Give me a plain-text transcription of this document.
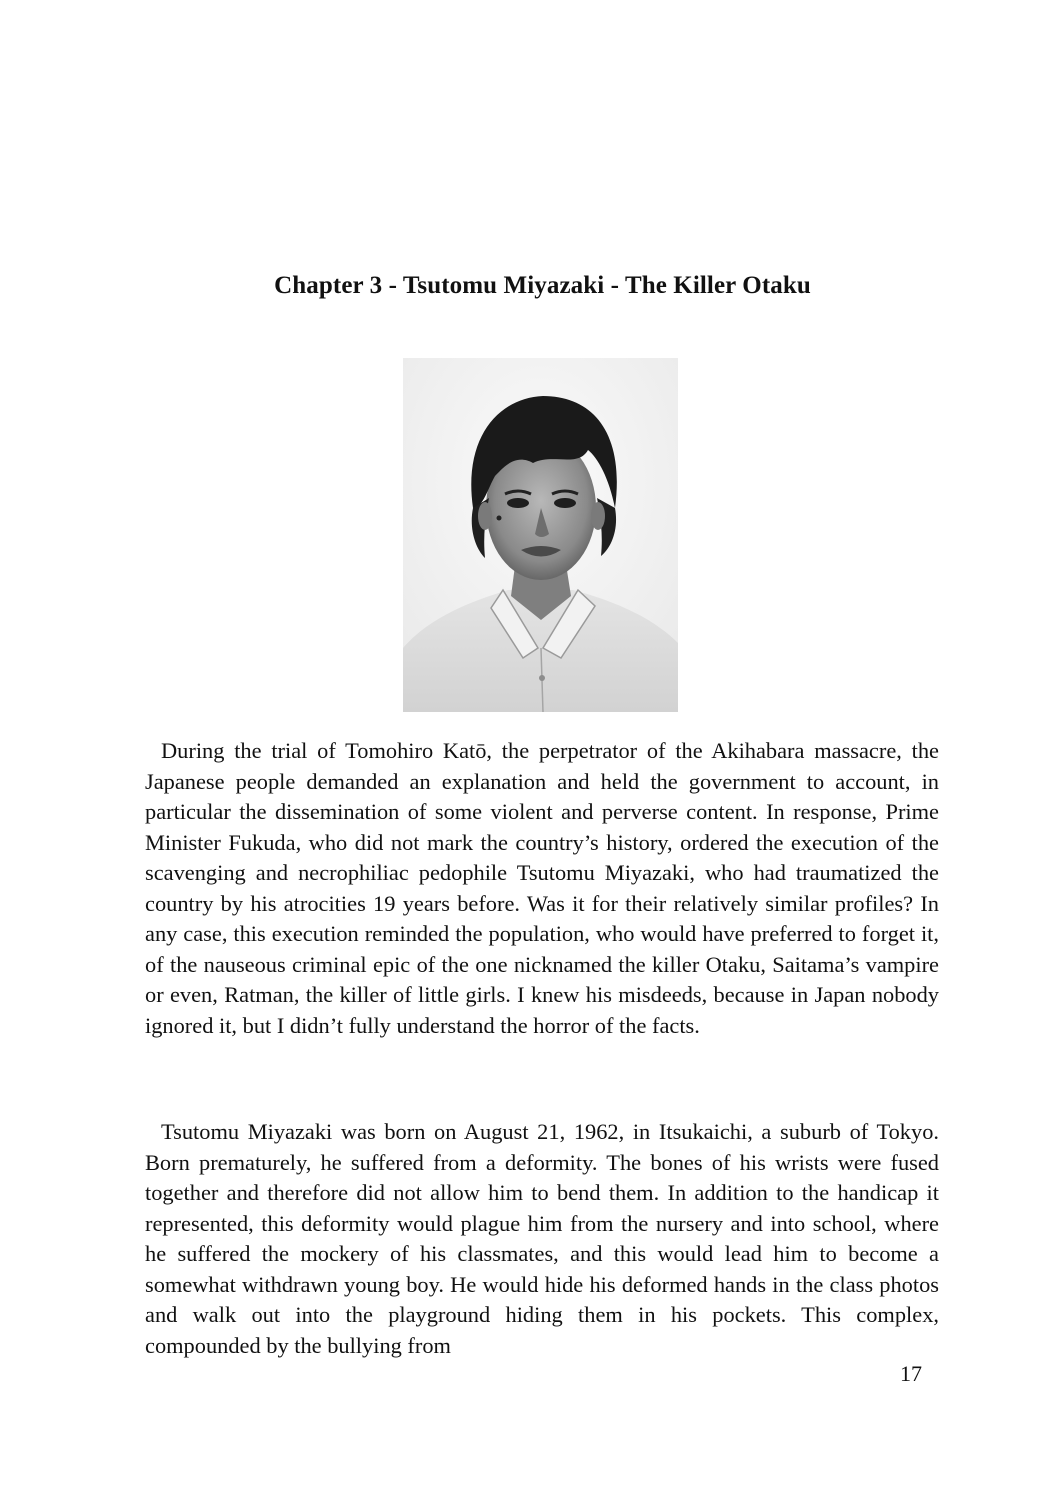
Chapter 3 - Tsutomu Miyazaki - The Killer Otaku

During the trial of Tomohiro Katō, the perpetrator of the Akihabara massacre, the Japanese people demanded an explanation and held the government to account, in particular the dissemination of some violent and perverse content. In response, Prime Minister Fukuda, who did not mark the country’s history, ordered the execution of the scavenging and necrophiliac pedophile Tsutomu Miyazaki, who had traumatized the country by his atrocities 19 years before. Was it for their relatively similar profiles? In any case, this execution reminded the population, who would have preferred to forget it, of the nauseous criminal epic of the one nicknamed the killer Otaku, Saitama’s vampire or even, Ratman, the killer of little girls. I knew his misdeeds, because in Japan nobody ignored it, but I didn’t fully understand the horror of the facts.

Tsutomu Miyazaki was born on August 21, 1962, in Itsukaichi, a suburb of Tokyo. Born prematurely, he suffered from a deformity. The bones of his wrists were fused together and therefore did not allow him to bend them. In addition to the handicap it represented, this deformity would plague him from the nursery and into school, where he suffered the mockery of his classmates, and this would lead him to become a somewhat withdrawn young boy. He would hide his deformed hands in the class photos and walk out into the playground hiding them in his pockets. This complex, compounded by the bullying from

17
